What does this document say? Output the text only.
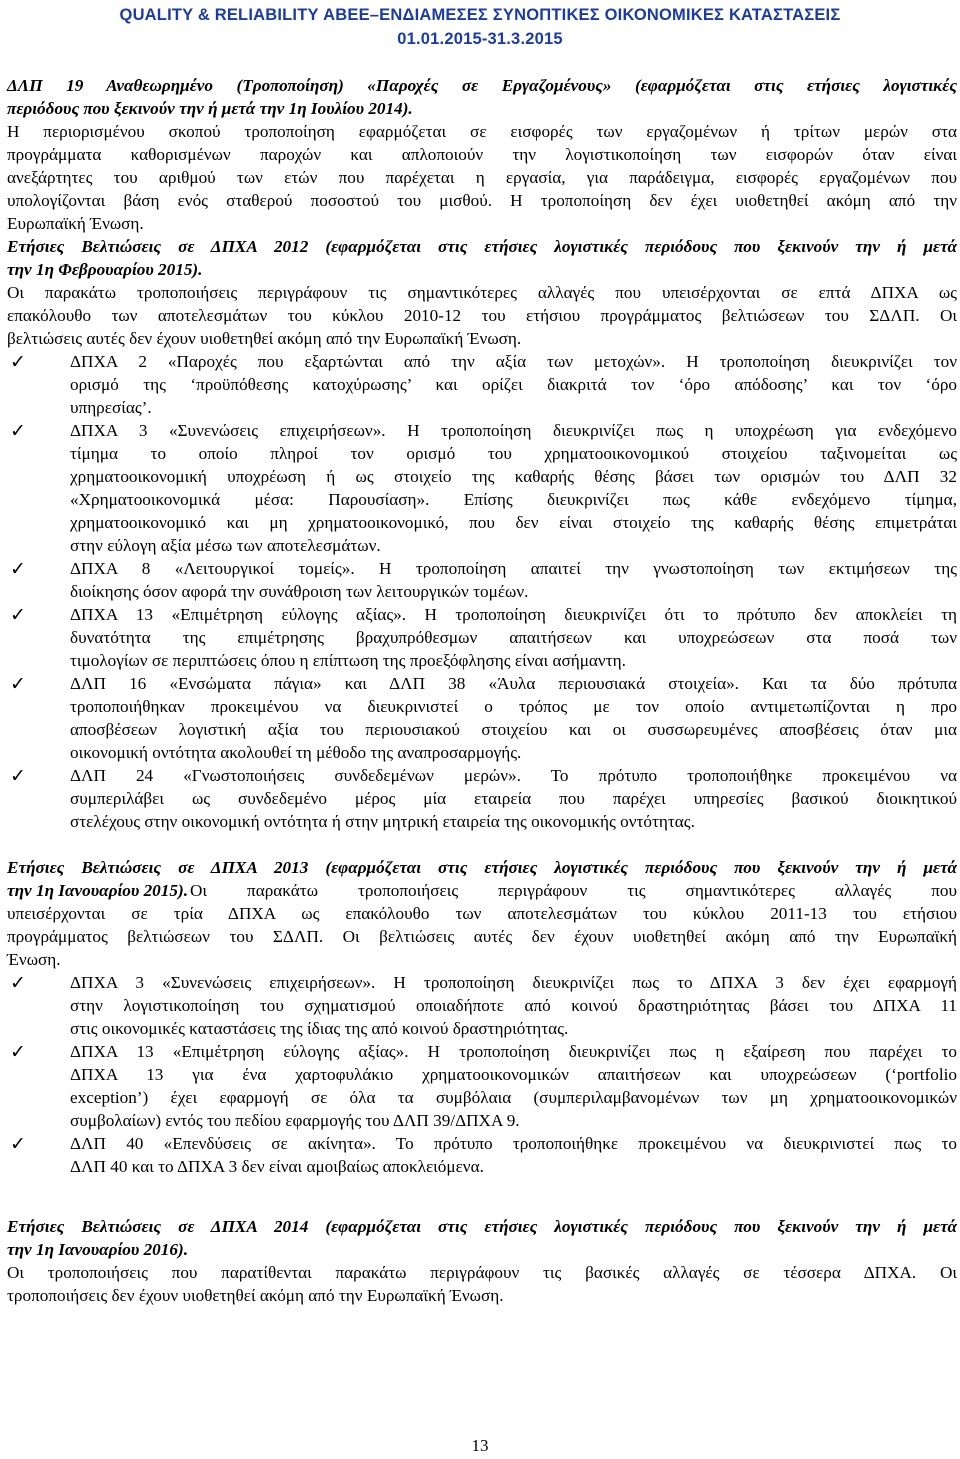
QUALITY & RELIABILITY ΑΒΕΕ–ΕΝΔΙΑΜΕΣΕΣ ΣΥΝΟΠΤΙΚΕΣ ΟΙΚΟΝΟΜΙΚΕΣ ΚΑΤΑΣΤΑΣΕΙΣ
01.01.2015-31.3.2015

ΔΛΠ 19 Αναθεωρημένο (Τροποποίηση) «Παροχές σε Εργαζομένους» (εφαρμόζεται στις ετήσιες λογιστικές

περιόδους που ξεκινούν την ή μετά την 1η Ιουλίου 2014).

Η περιορισμένου σκοπού τροποποίηση εφαρμόζεται σε εισφορές των εργαζομένων ή τρίτων μερών στα

προγράμματα καθορισμένων παροχών και απλοποιούν την λογιστικοποίηση των εισφορών όταν είναι

ανεξάρτητες του αριθμού των ετών που παρέχεται η εργασία, για παράδειγμα, εισφορές εργαζομένων που

υπολογίζονται βάση ενός σταθερού ποσοστού του μισθού. Η τροποποίηση δεν έχει υιοθετηθεί ακόμη από την

Ευρωπαϊκή Ένωση.

Ετήσιες Βελτιώσεις σε ΔΠΧΑ 2012 (εφαρμόζεται στις ετήσιες λογιστικές περιόδους που ξεκινούν την ή μετά

την 1η Φεβρουαρίου 2015).

Οι παρακάτω τροποποιήσεις περιγράφουν τις σημαντικότερες αλλαγές που υπεισέρχονται σε επτά ΔΠΧΑ ως

επακόλουθο των αποτελεσμάτων του κύκλου 2010-12 του ετήσιου προγράμματος βελτιώσεων του ΣΔΛΠ. Οι

βελτιώσεις αυτές δεν έχουν υιοθετηθεί ακόμη από την Ευρωπαϊκή Ένωση.

✓	ΔΠΧΑ 2 «Παροχές που εξαρτώνται από την αξία των μετοχών». Η τροποποίηση διευκρινίζει τον

ορισμό της ‘προϋπόθεσης κατοχύρωσης’ και ορίζει διακριτά τον ‘όρο απόδοσης’ και τον ‘όρο

υπηρεσίας’.

✓	ΔΠΧΑ 3 «Συνενώσεις επιχειρήσεων». Η τροποποίηση διευκρινίζει πως η υποχρέωση για ενδεχόμενο

τίμημα το οποίο πληροί τον ορισμό του χρηματοοικονομικού στοιχείου ταξινομείται ως

χρηματοοικονομική υποχρέωση ή ως στοιχείο της καθαρής θέσης βάσει των ορισμών του ΔΛΠ 32

«Χρηματοοικονομικά μέσα: Παρουσίαση». Επίσης διευκρινίζει πως κάθε ενδεχόμενο τίμημα,

χρηματοοικονομικό και μη χρηματοοικονομικό, που δεν είναι στοιχείο της καθαρής θέσης επιμετράται

στην εύλογη αξία μέσω των αποτελεσμάτων.

✓	ΔΠΧΑ 8 «Λειτουργικοί τομείς». Η τροποποίηση απαιτεί την γνωστοποίηση των εκτιμήσεων της

διοίκησης όσον αφορά την συνάθροιση των λειτουργικών τομέων.

✓	ΔΠΧΑ 13 «Επιμέτρηση εύλογης αξίας». Η τροποποίηση διευκρινίζει ότι το πρότυπο δεν αποκλείει τη

δυνατότητα της επιμέτρησης βραχυπρόθεσμων απαιτήσεων και υποχρεώσεων στα ποσά των

τιμολογίων σε περιπτώσεις όπου η επίπτωση της προεξόφλησης είναι ασήμαντη.

✓	ΔΛΠ 16 «Ενσώματα πάγια» και ΔΛΠ 38 «Άυλα περιουσιακά στοιχεία». Και τα δύο πρότυπα

τροποποιήθηκαν προκειμένου να διευκρινιστεί ο τρόπος με τον οποίο αντιμετωπίζονται η προ

αποσβέσεων λογιστική αξία του περιουσιακού στοιχείου και οι συσσωρευμένες αποσβέσεις όταν μια

οικονομική οντότητα ακολουθεί τη μέθοδο της αναπροσαρμογής.

✓	ΔΛΠ 24 «Γνωστοποιήσεις συνδεδεμένων μερών». Το πρότυπο τροποποιήθηκε προκειμένου να

συμπεριλάβει ως συνδεδεμένο μέρος μία εταιρεία που παρέχει υπηρεσίες βασικού διοικητικού

στελέχους στην οικονομική οντότητα ή στην μητρική εταιρεία της οικονομικής οντότητας.

Ετήσιες Βελτιώσεις σε ΔΠΧΑ 2013 (εφαρμόζεται στις ετήσιες λογιστικές περιόδους που ξεκινούν την ή μετά

την 1η Ιανουαρίου 2015). Οι παρακάτω τροποποιήσεις περιγράφουν τις σημαντικότερες αλλαγές που

υπεισέρχονται σε τρία ΔΠΧΑ ως επακόλουθο των αποτελεσμάτων του κύκλου 2011-13 του ετήσιου

προγράμματος βελτιώσεων του ΣΔΛΠ. Οι βελτιώσεις αυτές δεν έχουν υιοθετηθεί ακόμη από την Ευρωπαϊκή

Ένωση.

✓	ΔΠΧΑ 3 «Συνενώσεις επιχειρήσεων». Η τροποποίηση διευκρινίζει πως το ΔΠΧΑ 3 δεν έχει εφαρμογή

στην λογιστικοποίηση του σχηματισμού οποιαδήποτε από κοινού δραστηριότητας βάσει του ΔΠΧΑ 11

στις οικονομικές καταστάσεις της ίδιας της από κοινού δραστηριότητας.

✓	ΔΠΧΑ 13 «Επιμέτρηση εύλογης αξίας». Η τροποποίηση διευκρινίζει πως η εξαίρεση που παρέχει το

ΔΠΧΑ 13 για ένα χαρτοφυλάκιο χρηματοοικονομικών απαιτήσεων και υποχρεώσεων (‘portfolio

exception’) έχει εφαρμογή σε όλα τα συμβόλαια (συμπεριλαμβανομένων των μη χρηματοοικονομικών

συμβολαίων) εντός του πεδίου εφαρμογής του ΔΛΠ 39/ΔΠΧΑ 9.

✓	ΔΛΠ 40 «Επενδύσεις σε ακίνητα». Το πρότυπο τροποποιήθηκε προκειμένου να διευκρινιστεί πως το

ΔΛΠ 40 και το ΔΠΧΑ 3 δεν είναι αμοιβαίως αποκλειόμενα.

Ετήσιες Βελτιώσεις σε ΔΠΧΑ 2014 (εφαρμόζεται στις ετήσιες λογιστικές περιόδους που ξεκινούν την ή μετά

την 1η Ιανουαρίου 2016).

Οι τροποποιήσεις που παρατίθενται παρακάτω περιγράφουν τις βασικές αλλαγές σε τέσσερα ΔΠΧΑ. Οι

τροποποιήσεις δεν έχουν υιοθετηθεί ακόμη από την Ευρωπαϊκή Ένωση.

13
